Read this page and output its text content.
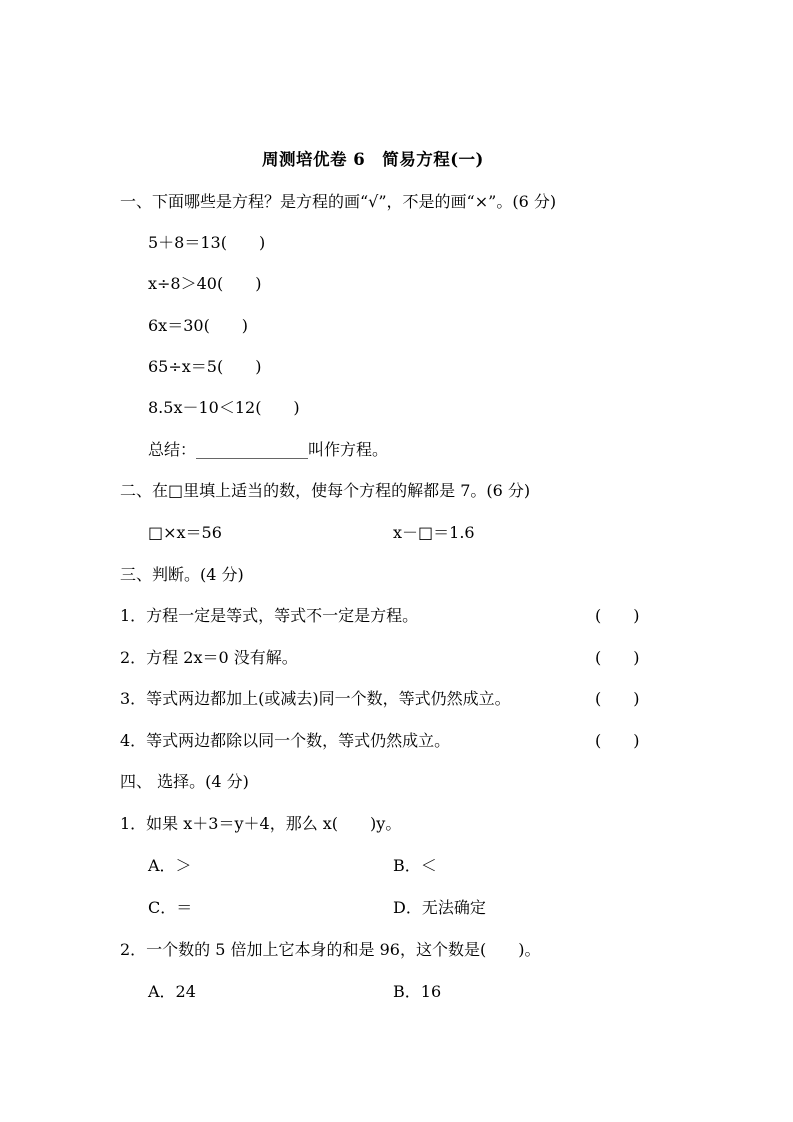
周测培优卷 6　简易方程(一)
一、下面哪些是方程？是方程的画“√”，不是的画“×”。(6 分)
5＋8＝13(　　)
x÷8＞40(　　)
6x＝30(　　)
65÷x＝5(　　)
8.5x－10＜12(　　)
总结：______________叫作方程。
二、在□里填上适当的数，使每个方程的解都是 7。(6 分)
□×x＝56	x－□＝1.6
三、判断。(4 分)
1．方程一定是等式，等式不一定是方程。	(　　)
2．方程 2x＝0 没有解。	(　　)
3．等式两边都加上(或减去)同一个数，等式仍然成立。	(　　)
4．等式两边都除以同一个数，等式仍然成立。	(　　)
四、 选择。(4 分)
1．如果 x＋3＝y＋4，那么 x(　　)y。
A．＞	B．＜
C．＝	D．无法确定
2．一个数的 5 倍加上它本身的和是 96，这个数是(　　)。
A．24	B．16
